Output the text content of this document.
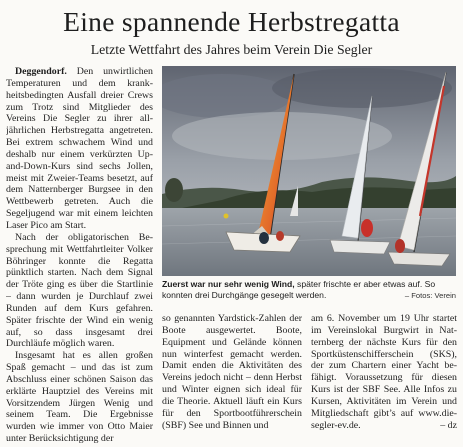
Eine spannende Herbstregatta
Letzte Wettfahrt des Jahres beim Verein Die Segler

Deggendorf. Den unwirtlichen Temperaturen und dem krankheitsbedingten Ausfall dreier Crews zum Trotz sind Mitglieder des Vereins Die Segler zu ihrer alljährlichen Herbstregatta angetreten. Bei extrem schwachem Wind und deshalb nur einem verkürzten Up-and-Down-Kurs sind sechs Jollen, meist mit Zweier-Teams besetzt, auf dem Natternberger Burgsee in den Wettbewerb getreten. Auch die Segeljugend war mit einem leichten Laser Pico am Start.

Nach der obligatorischen Besprechung mit Wettfahrtleiter Volker Böhringer konnte die Regatta pünktlich starten. Nach dem Signal der Tröte ging es über die Startlinie – dann wurden je Durchlauf zwei Runden auf dem Kurs gefahren. Später frischte der Wind ein wenig auf, so dass insgesamt drei Durchläufe möglich waren.

Insgesamt hat es allen großen Spaß gemacht – und das ist zum Abschluss einer schönen Saison das erklärte Hauptziel des Vereins mit Vorsitzendem Jürgen Wenig und seinem Team. Die Ergebnisse wurden wie immer von Otto Maier unter Berücksichtigung der

Zuerst war nur sehr wenig Wind, später frischte er aber etwas auf. So konnten drei Durchgänge gesegelt werden.	– Fotos: Verein

so genannten Yardstick-Zahlen der Boote ausgewertet. Boote, Equipment und Gelände können nun winterfest gemacht werden. Damit enden die Aktivitäten des Vereins jedoch nicht – denn Herbst und Winter eignen sich ideal für die Theorie. Aktuell läuft ein Kurs für den Sportbootführerschein (SBF) See und Binnen und

am 6. November um 19 Uhr startet im Vereinslokal Burgwirt in Natternberg der nächste Kurs für den Sportküstenschifferschein (SKS), der zum Chartern einer Yacht befähigt. Voraussetzung für diesen Kurs ist der SBF See. Alle Infos zu Kursen, Aktivitäten im Verein und Mitgliedschaft gibt’s auf www.die-segler-ev.de.	– dz
